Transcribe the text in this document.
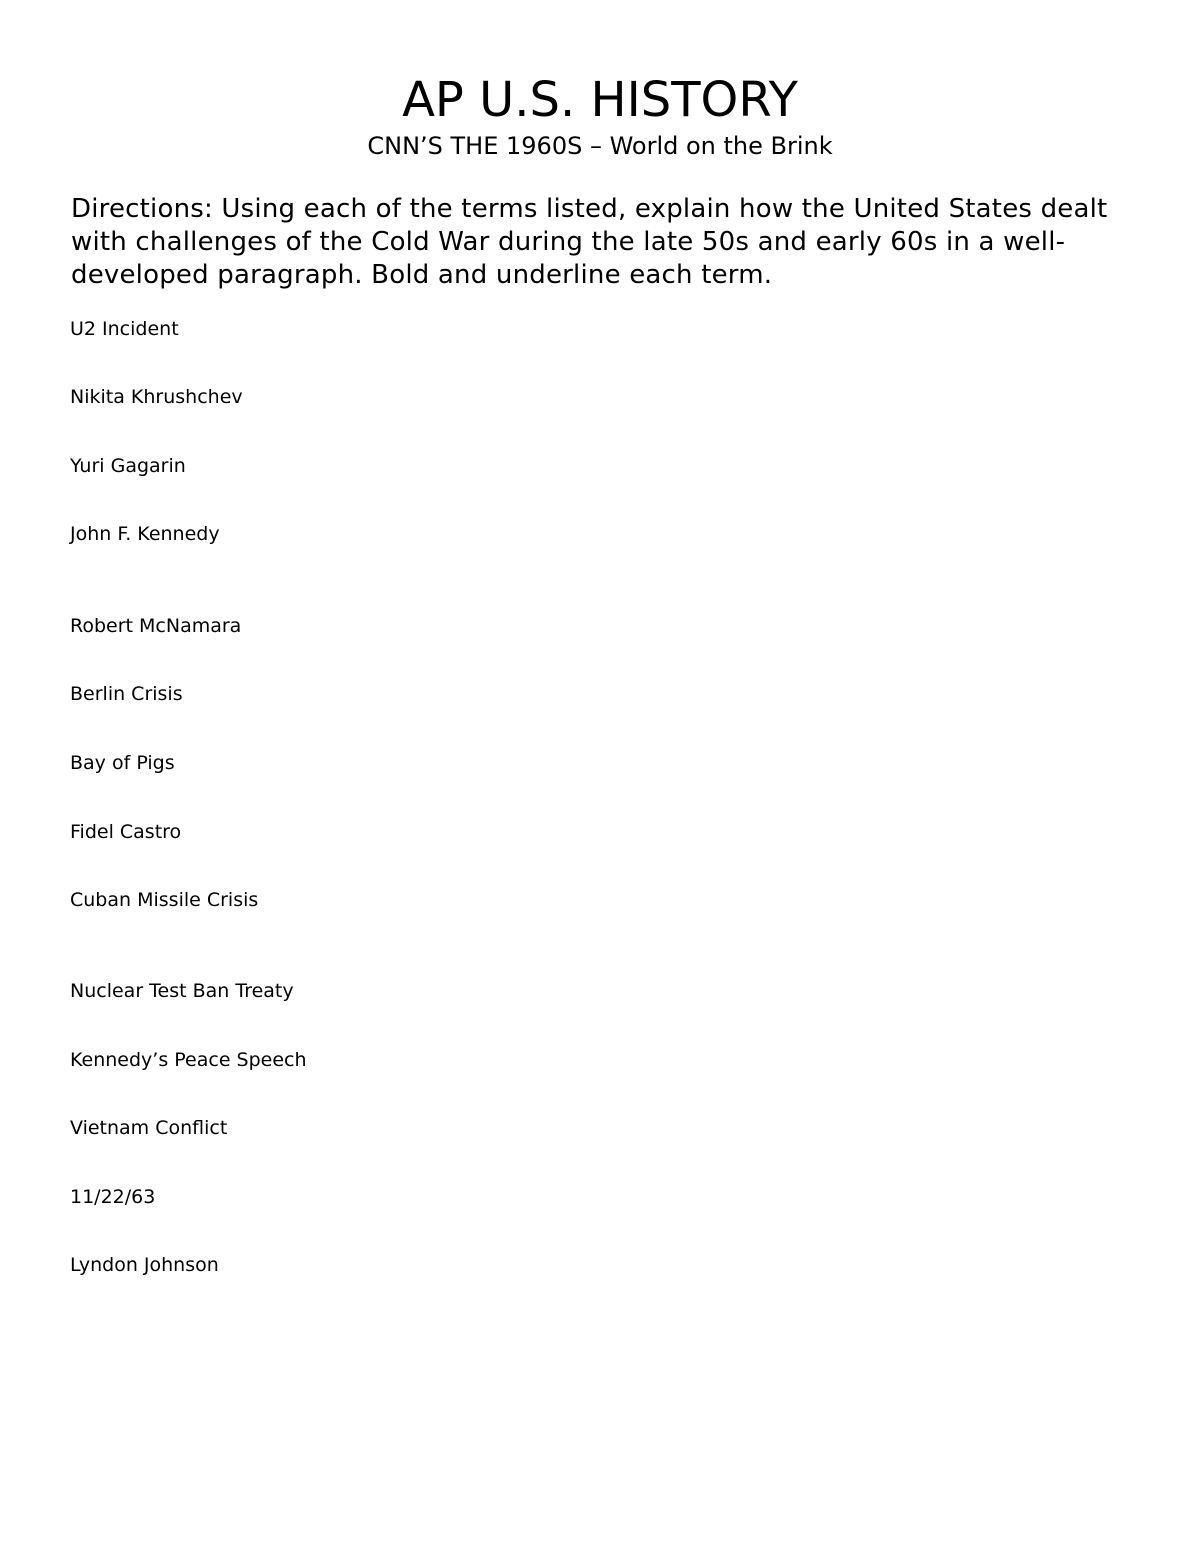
AP U.S. HISTORY
CNN’S THE 1960S – World on the Brink

Directions: Using each of the terms listed, explain how the United States dealt with challenges of the Cold War during the late 50s and early 60s in a well-developed paragraph. Bold and underline each term.

U2 Incident
Nikita Khrushchev
Yuri Gagarin
John F. Kennedy
Robert McNamara
Berlin Crisis
Bay of Pigs
Fidel Castro
Cuban Missile Crisis
Nuclear Test Ban Treaty
Kennedy’s Peace Speech
Vietnam Conflict
11/22/63
Lyndon Johnson
